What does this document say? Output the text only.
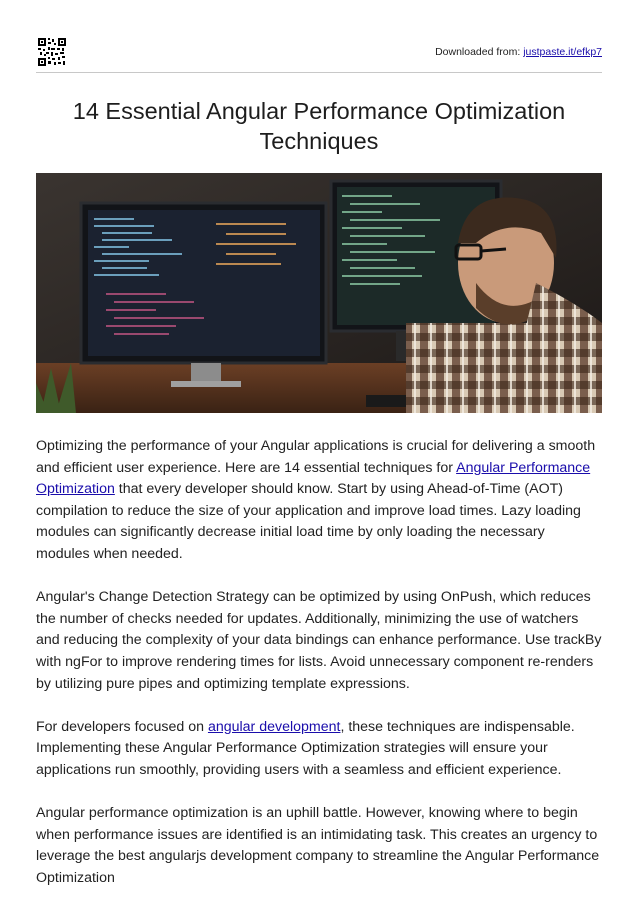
Downloaded from: justpaste.it/efkp7
14 Essential Angular Performance Optimization Techniques

Optimizing the performance of your Angular applications is crucial for delivering a smooth and efficient user experience. Here are 14 essential techniques for Angular Performance Optimization that every developer should know. Start by using Ahead-of-Time (AOT) compilation to reduce the size of your application and improve load times. Lazy loading modules can significantly decrease initial load time by only loading the necessary modules when needed.

Angular's Change Detection Strategy can be optimized by using OnPush, which reduces the number of checks needed for updates. Additionally, minimizing the use of watchers and reducing the complexity of your data bindings can enhance performance. Use trackBy with ngFor to improve rendering times for lists. Avoid unnecessary component re-renders by utilizing pure pipes and optimizing template expressions.

For developers focused on angular development, these techniques are indispensable. Implementing these Angular Performance Optimization strategies will ensure your applications run smoothly, providing users with a seamless and efficient experience.

Angular performance optimization is an uphill battle. However, knowing where to begin when performance issues are identified is an intimidating task. This creates an urgency to leverage the best angularjs development company to streamline the Angular Performance Optimization
